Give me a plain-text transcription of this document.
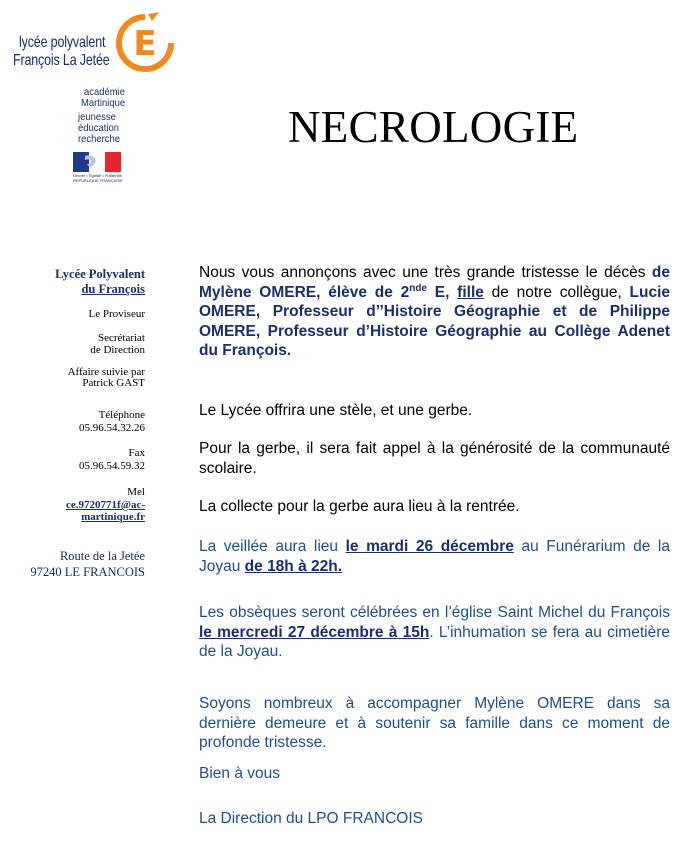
lycée polyvalent
François La Jetée E
académie
Martinique
jeunesse
éducation
recherche
Liberté • Égalité • Fraternité
RÉPUBLIQUE FRANÇAISE
NECROLOGIE
Lycée Polyvalent
du François
Le Proviseur
Secrétariat
de Direction
Affaire suivie par
Patrick GAST
Téléphone
05.96.54.32.26
Fax
05.96.54.59.32
Mel
ce.9720771f@ac-
martinique.fr
Route de la Jetée
97240 LE FRANCOIS
Nous vous annonçons avec une très grande tristesse le décès de Mylène OMERE, élève de 2nde E, fille de notre collègue, Lucie OMERE, Professeur d’’Histoire Géographie et de Philippe OMERE, Professeur d’Histoire Géographie au Collège Adenet du François.
Le Lycée offrira une stèle, et une gerbe.
Pour la gerbe, il sera fait appel à la générosité de la communauté scolaire.
La collecte pour la gerbe aura lieu à la rentrée.
La veillée aura lieu le mardi 26 décembre au Funérarium de la Joyau de 18h à 22h.
Les obsèques seront célébrées en l’église Saint Michel du François le mercredi 27 décembre à 15h. L’inhumation se fera au cimetière de la Joyau.
Soyons nombreux à accompagner Mylène OMERE dans sa dernière demeure et à soutenir sa famille dans ce moment de profonde tristesse.
Bien à vous
La Direction du LPO FRANCOIS
